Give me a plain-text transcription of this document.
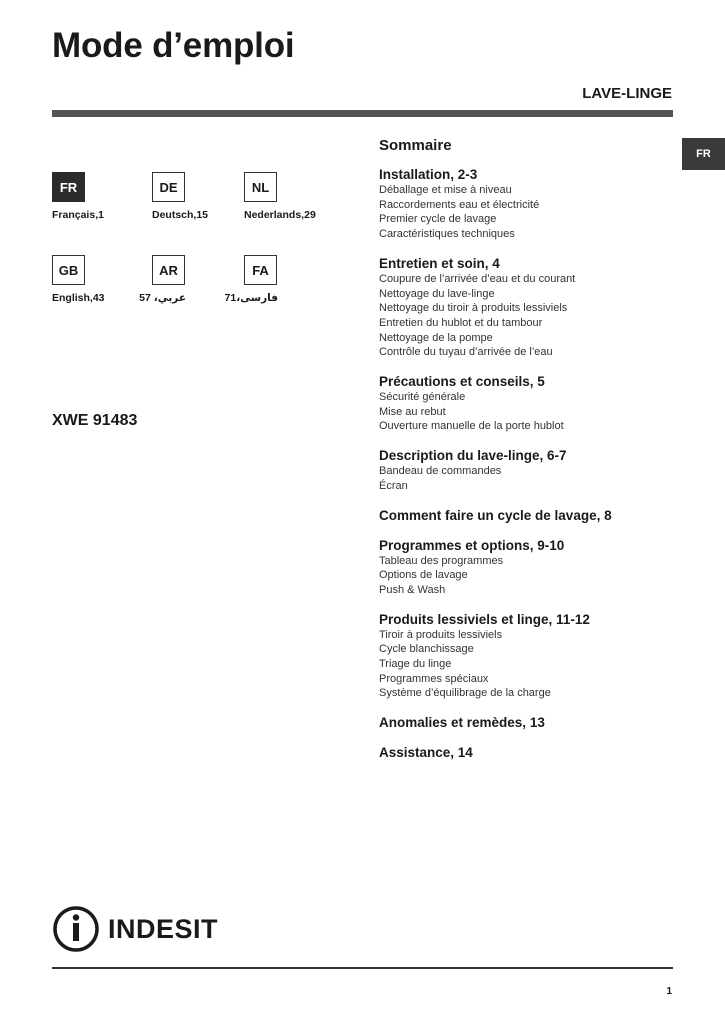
Mode d’emploi
LAVE-LINGE
FR
FR
Français,1
DE
Deutsch,15
NL
Nederlands,29
GB
English,43
AR
عربي، 57
FA
فارسی،71
XWE 91483
Sommaire
Installation, 2-3
Déballage et mise à niveau
Raccordements eau et électricité
Premier cycle de lavage
Caractéristiques techniques
Entretien et soin, 4
Coupure de l’arrivée d’eau et du courant
Nettoyage du lave-linge
Nettoyage du tiroir à produits lessiviels
Entretien du hublot et du tambour
Nettoyage de la pompe
Contrôle du tuyau d’arrivée de l’eau
Précautions et conseils, 5
Sécurité générale
Mise au rebut
Ouverture manuelle de la porte hublot
Description du lave-linge, 6-7
Bandeau de commandes
Écran
Comment faire un cycle de lavage, 8
Programmes et options, 9-10
Tableau des programmes
Options de lavage
Push & Wash
Produits lessiviels et linge, 11-12
Tiroir à produits lessiviels
Cycle blanchissage
Triage du linge
Programmes spéciaux
Système d’équilibrage de la charge
Anomalies et remèdes, 13
Assistance, 14
INDESIT
1
